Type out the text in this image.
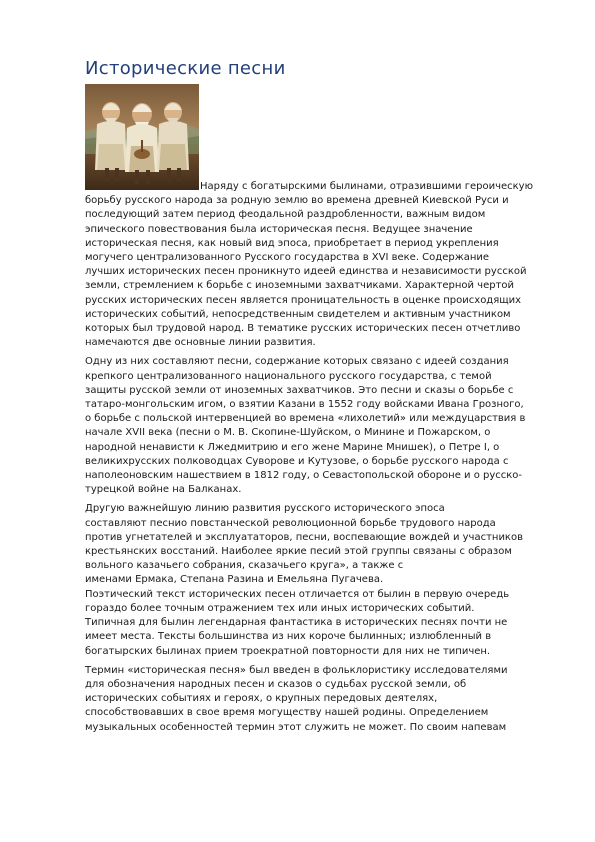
Исторические песни

Наряду с богатырскими былинами, отразившими героическую
борьбу русского народа за родную землю во времена древней Киевской Руси и
последующий затем период феодальной раздробленности, важным видом
эпического повествования была историческая песня. Ведущее значение
историческая песня, как новый вид эпоса, приобретает в период укрепления
могучего централизованного Русского государства в XVI веке. Содержание
лучших исторических песен проникнуто идеей единства и независимости русской
земли, стремлением к борьбе с иноземными захватчиками. Характерной чертой
русских исторических песен является проницательность в оценке происходящих
исторических событий, непосредственным свидетелем и активным участником
которых был трудовой народ. В тематике русских исторических песен отчетливо
намечаются две основные линии развития.

Одну из них составляют песни, содержание которых связано с идеей создания
крепкого централизованного национального русского государства, с темой
защиты русской земли от иноземных захватчиков. Это песни и сказы о борьбе с
татаро-монгольским игом, о взятии Казани в 1552 году войсками Ивана Грозного,
о борьбе с польской интервенцией во времена «лихолетий» или междуцарствия в
начале XVII века (песни о М. В. Скопине-Шуйском, о Минине и Пожарском, о
народной ненависти к Лжедмитрию и его жене Марине Мнишек), о Петре I, о
великихрусских полководцах Суворове и Кутузове, о борьбе русского народа с
наполеоновским нашествием в 1812 году, о Севастопольской обороне и о русско-
турецкой войне на Балканах.

Другую важнейшую линию развития русского исторического эпоса
составляют песнио повстанческой революционной борьбе трудового народа
против угнетателей и эксплуататоров, песни, воспевающие вождей и участников
крестьянских восстаний. Наиболее яркие песий этой группы связаны с образом
вольного казачьего собрания, сказачьего круга», а также с
именами Ермака, Степана Разина и Емельяна Пугачева.

Поэтический текст исторических песен отличается от былин в первую очередь
гораздо более точным отражением тех или иных исторических событий.
Типичная для былин легендарная фантастика в исторических песнях почти не
имеет места. Тексты большинства из них короче былинных; излюбленный в
богатырских былинах прием троекратной повторности для них не типичен.

Термин «историческая песня» был введен в фольклористику исследователями
для обозначения народных песен и сказов о судьбах русской земли, об
исторических событиях и героях, о крупных передовых деятелях,
способствовавших в свое время могуществу нашей родины. Определением
музыкальных особенностей термин этот служить не может. По своим напевам
